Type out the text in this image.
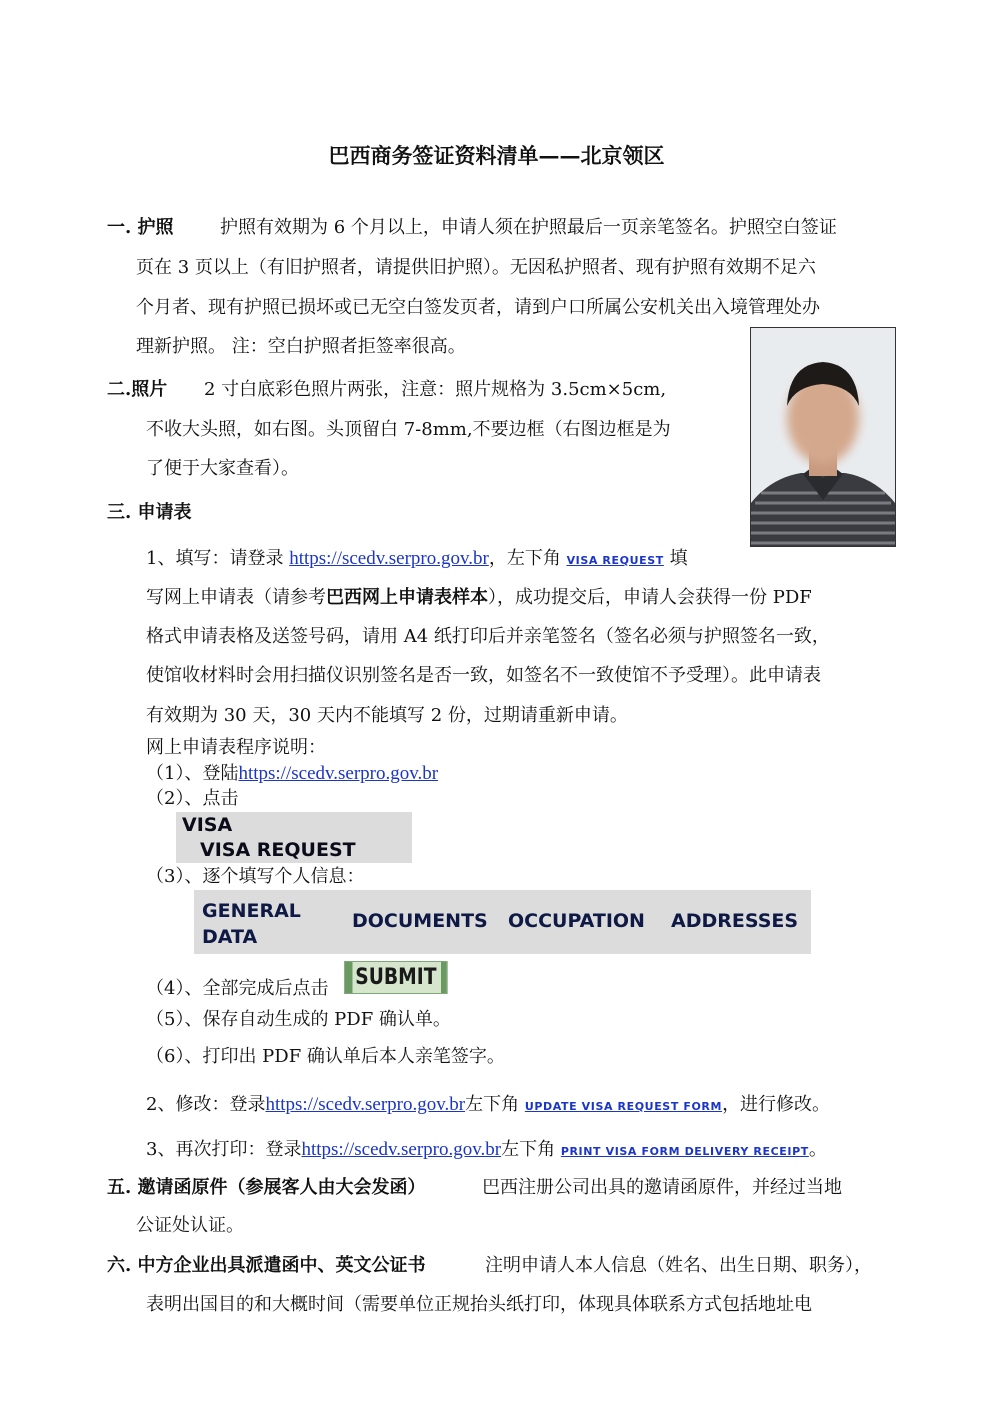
巴西商务签证资料清单——北京领区
一. 护照	护照有效期为 6 个月以上，申请人须在护照最后一页亲笔签名。护照空白签证
页在 3 页以上（有旧护照者，请提供旧护照）。无因私护照者、现有护照有效期不足六
个月者、现有护照已损坏或已无空白签发页者，请到户口所属公安机关出入境管理处办
理新护照。 注：空白护照者拒签率很高。
二.照片 2 寸白底彩色照片两张，注意：照片规格为 3.5cm×5cm,
不收大头照，如右图。头顶留白 7-8mm,不要边框（右图边框是为
了便于大家查看）。
三. 申请表
1、填写：请登录 https://scedv.serpro.gov.br，左下角 VISA REQUEST 填
写网上申请表（请参考巴西网上申请表样本），成功提交后，申请人会获得一份 PDF
格式申请表格及送签号码，请用 A4 纸打印后并亲笔签名（签名必须与护照签名一致，
使馆收材料时会用扫描仪识别签名是否一致，如签名不一致使馆不予受理）。此申请表
有效期为 30 天，30 天内不能填写 2 份，过期请重新申请。
网上申请表程序说明：
（1）、登陆https://scedv.serpro.gov.br
（2）、点击
VISA
VISA REQUEST
（3）、逐个填写个人信息：
GENERAL
DATA
DOCUMENTS OCCUPATION ADDRESSES
（4）、全部完成后点击	SUBMIT
（5）、保存自动生成的 PDF 确认单。
（6）、打印出 PDF 确认单后本人亲笔签字。
2、修改：登录https://scedv.serpro.gov.br左下角 UPDATE VISA REQUEST FORM，进行修改。
3、再次打印：登录https://scedv.serpro.gov.br左下角 PRINT VISA FORM DELIVERY RECEIPT。
五. 邀请函原件（参展客人由大会发函）	巴西注册公司出具的邀请函原件，并经过当地
公证处认证。
六. 中方企业出具派遣函中、英文公证书	注明申请人本人信息（姓名、出生日期、职务），
表明出国目的和大概时间（需要单位正规抬头纸打印，体现具体联系方式包括地址电
